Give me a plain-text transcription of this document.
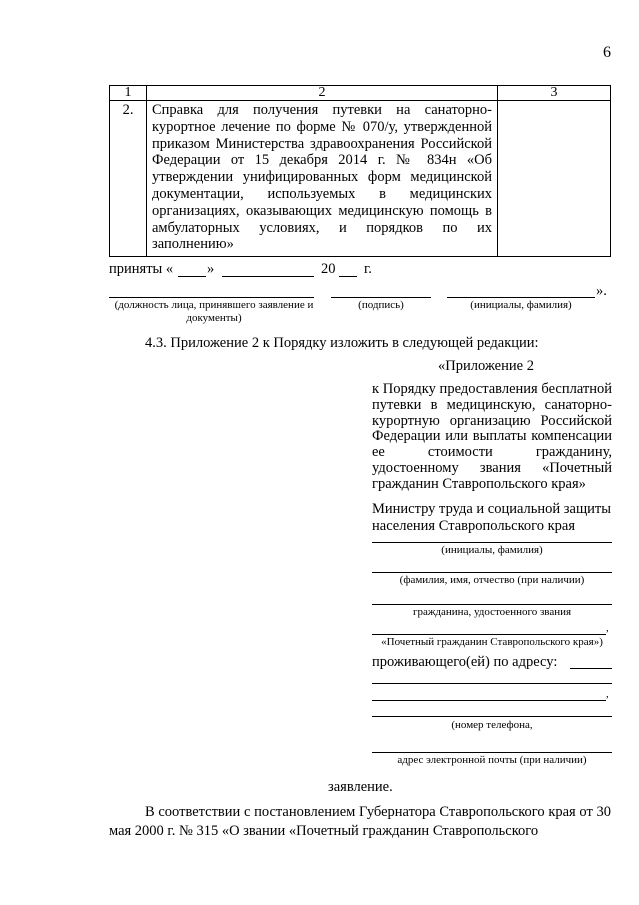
6
1	2	3
2.	Справка для получения путевки на санаторно-курортное лечение по форме № 070/у, утвержденной приказом Министерства здравоохранения Российской Федерации от 15 декабря 2014 г. № 834н «Об утверждении унифицированных форм медицинской документации, используемых в медицинских организациях, оказывающих медицинскую помощь в амбулаторных условиях, и порядков по их заполнению»	
приняты « »	20 г.
».
(должность лица, принявшего заявление и документы)
(подпись)	(инициалы, фамилия)
4.3. Приложение 2 к Порядку изложить в следующей редакции:
«Приложение 2
к Порядку предоставления бесплатной путевки в медицинскую, санаторно-курортную организацию Российской Федерации или выплаты компенсации ее стоимости гражданину, удостоенному звания «Почетный гражданин Ставропольского края»
Министру труда и социальной защиты населения Ставропольского края
(инициалы, фамилия)
(фамилия, имя, отчество (при наличии)
гражданина, удостоенного звания
,
«Почетный гражданин Ставропольского края»)
проживающего(ей) по адресу:
,
(номер телефона,
адрес электронной почты (при наличии)
заявление.
В соответствии с постановлением Губернатора Ставропольского края от 30 мая 2000 г. № 315 «О звании «Почетный гражданин Ставропольского
